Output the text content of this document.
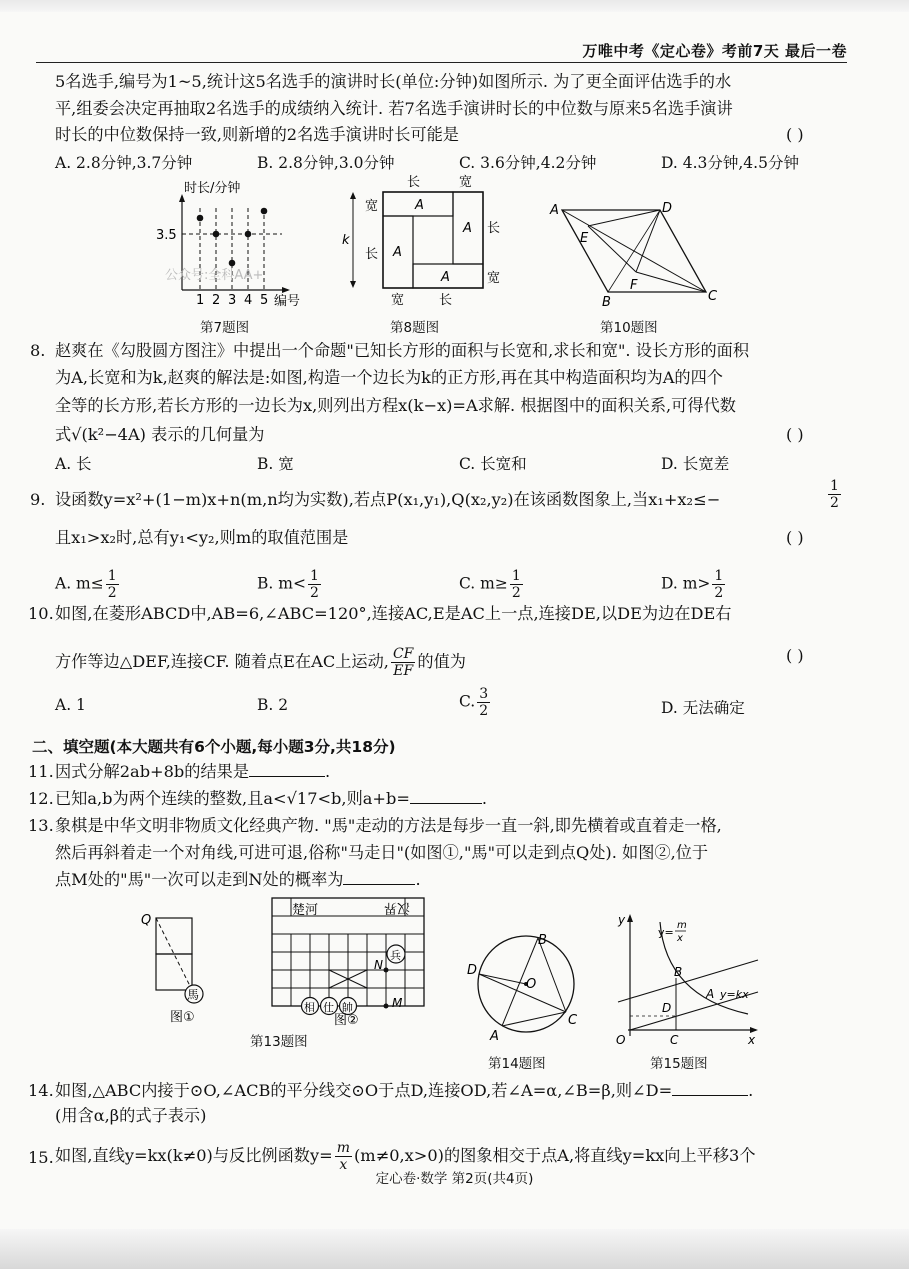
万唯中考《定心卷》考前7天 最后一卷
5名选手,编号为1~5,统计这5名选手的演讲时长(单位:分钟)如图所示. 为了更全面评估选手的水
平,组委会决定再抽取2名选手的成绩纳入统计. 若7名选手演讲时长的中位数与原来5名选手演讲
时长的中位数保持一致,则新增的2名选手演讲时长可能是	( )
A. 2.8分钟,3.7分钟	B. 2.8分钟,3.0分钟	C. 3.6分钟,4.2分钟	D. 4.3分钟,4.5分钟
时长/分钟
3.5
1 2 3 4 5 编号
公众号:全科AA+
第7题图
长	宽
A
A
A
A
宽
长
长
宽
k
宽	长
第8题图
A	D
E
F
B	C
第10题图
8. 赵爽在《勾股圆方图注》中提出一个命题"已知长方形的面积与长宽和,求长和宽". 设长方形的面积
为A,长宽和为k,赵爽的解法是:如图,构造一个边长为k的正方形,再在其中构造面积均为A的四个
全等的长方形,若长方形的一边长为x,则列出方程x(k−x)=A求解. 根据图中的面积关系,可得代数
式√(k²−4A) 表示的几何量为	( )
A. 长	B. 宽	C. 长宽和	D. 长宽差
9. 设函数y=x²+(1−m)x+n(m,n均为实数),若点P(x₁,y₁),Q(x₂,y₂)在该函数图象上,当x₁+x₂≤−	$\frac{1}{2}$
且x₁>x₂时,总有y₁<y₂,则m的取值范围是	( )
A. $m\le \frac{1}{2}$	B. $m< \frac{1}{2}$	C. $m\ge \frac{1}{2}$	D. $m> \frac{1}{2}$
10. 如图,在菱形ABCD中,AB=6,∠ABC=120°,连接AC,E是AC上一点,连接DE,以DE为边在DE右
方作等边△DEF,连接CF. 随着点E在AC上运动, $\frac{CF}{EF}$ 的值为	( )
A. 1	B. 2	C. $\frac{3}{2}$	D. 无法确定
二、填空题(本大题共有6个小题,每小题3分,共18分)
11. 因式分解2ab+8b的结果是	.
12. 已知a,b为两个连续的整数,且a<√17<b,则a+b=	.
13. 象棋是中华文明非物质文化经典产物. "馬"走动的方法是每步一直一斜,即先横着或直着走一格,
然后再斜着走一个对角线,可进可退,俗称"马走日"(如图①,"馬"可以走到点Q处). 如图②,位于
点M处的"馬"一次可以走到N处的概率为	.
Q
馬
图①
楚河	汉界
兵
相 仕 帥
N
M
图②
第13题图
B
D
O
A
C
第14题图
x
y
y=
m
x
B
A y=kx
D
O	C
第15题图
14. 如图,△ABC内接于⊙O,∠ACB的平分线交⊙O于点D,连接OD,若∠A=α,∠B=β,则∠D=	.
(用含α,β的式子表示)
15. 如图,直线y=kx(k≠0)与反比例函数$y= \frac{m}{x} (m\ne 0,x>0)$的图象相交于点A,将直线y=kx向上平移3个
定心卷·数学 第2页(共4页)
